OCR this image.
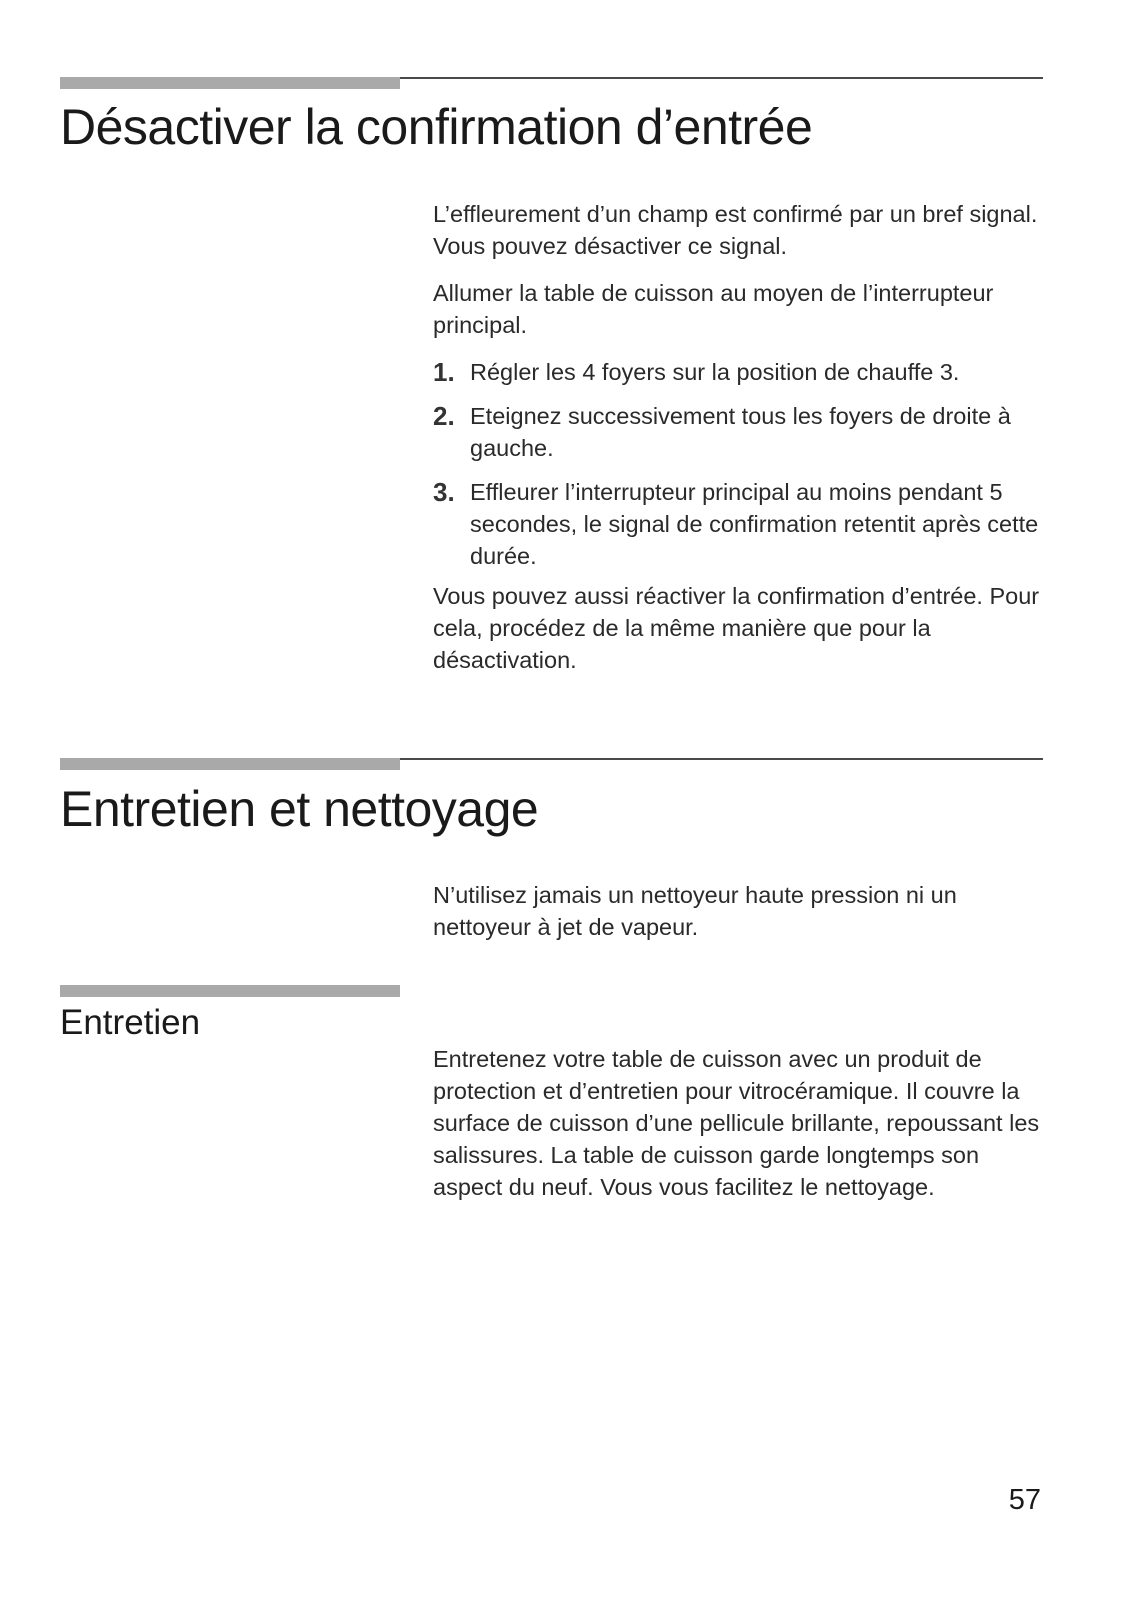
Désactiver la confirmation d’entrée

L’effleurement d’un champ est confirmé par un bref signal. Vous pouvez désactiver ce signal.

Allumer la table de cuisson au moyen de l’interrupteur principal.

1. Régler les 4 foyers sur la position de chauffe 3.
2. Eteignez successivement tous les foyers de droite à gauche.
3. Effleurer l’interrupteur principal au moins pendant 5 secondes, le signal de confirmation retentit après cette durée.

Vous pouvez aussi réactiver la confirmation d’entrée. Pour cela, procédez de la même manière que pour la désactivation.

Entretien et nettoyage

N’utilisez jamais un nettoyeur haute pression ni un nettoyeur à jet de vapeur.

Entretien

Entretenez votre table de cuisson avec un produit de protection et d’entretien pour vitrocéramique. Il couvre la surface de cuisson d’une pellicule brillante, repoussant les salissures. La table de cuisson garde longtemps son aspect du neuf. Vous vous facilitez le nettoyage.

57
